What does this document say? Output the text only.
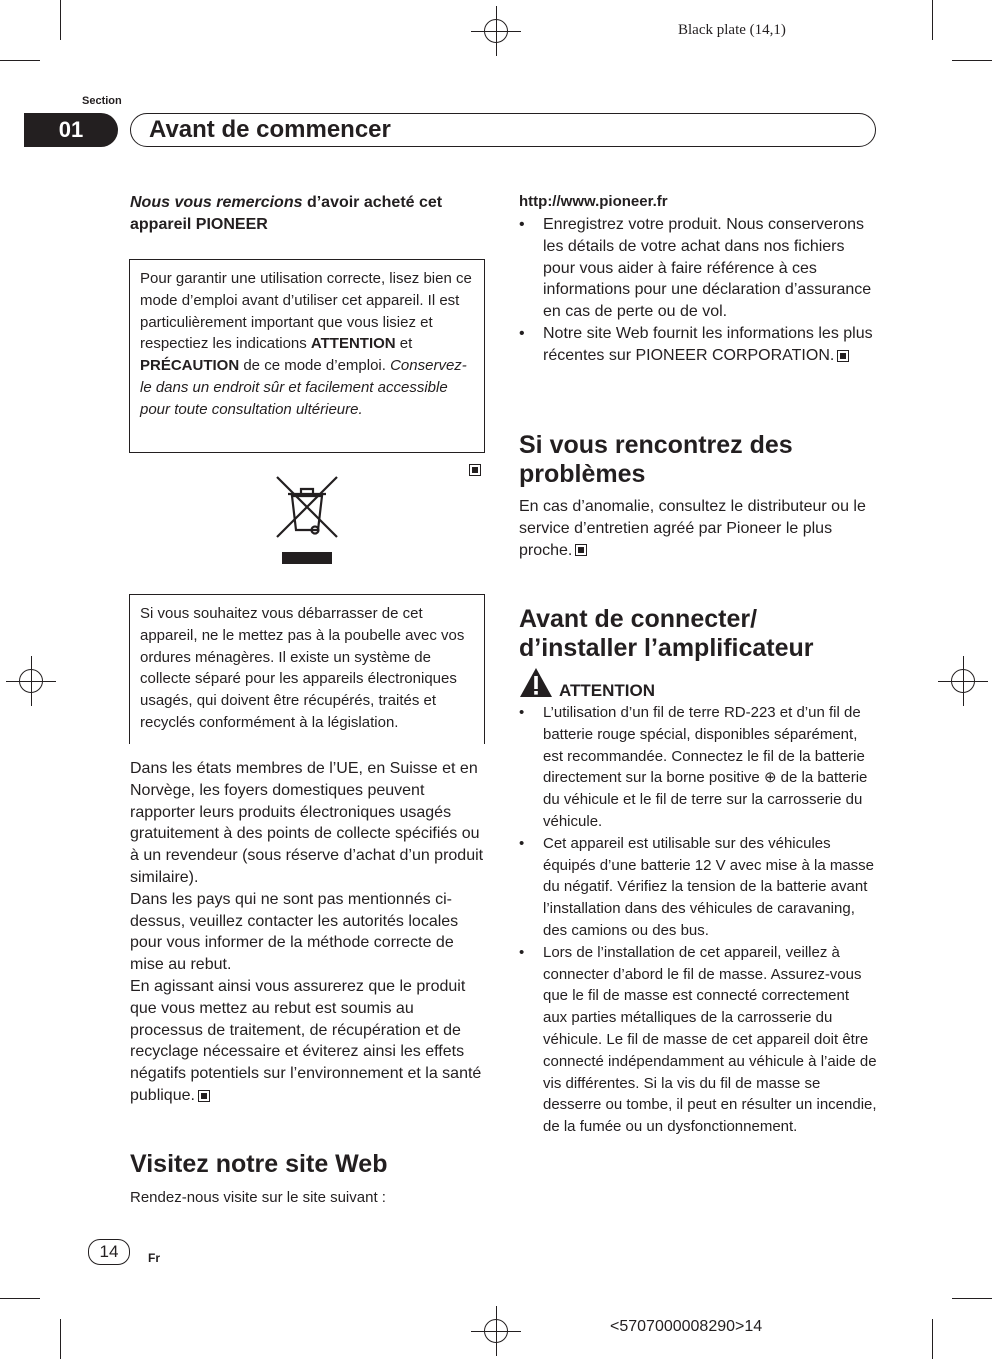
Black plate (14,1)
Section
01	Avant de commencer
Nous vous remercions d’avoir acheté cet
appareil PIONEER
Pour garantir une utilisation correcte, lisez bien ce mode d’emploi avant d’utiliser cet appareil. Il est particulièrement important que vous lisiez et respectiez les indications ATTENTION et PRÉCAUTION de ce mode d’emploi. Conservez-le dans un endroit sûr et facilement accessible pour toute consultation ultérieure.
Si vous souhaitez vous débarrasser de cet appareil, ne le mettez pas à la poubelle avec vos ordures ménagères. Il existe un système de collecte séparé pour les appareils électroniques usagés, qui doivent être récupérés, traités et recyclés conformément à la législation.
Dans les états membres de l’UE, en Suisse et en Norvège, les foyers domestiques peuvent rapporter leurs produits électroniques usagés gratuitement à des points de collecte spécifiés ou à un revendeur (sous réserve d’achat d’un produit similaire).
Dans les pays qui ne sont pas mentionnés ci-dessus, veuillez contacter les autorités locales pour vous informer de la méthode correcte de mise au rebut.
En agissant ainsi vous assurerez que le produit que vous mettez au rebut est soumis au processus de traitement, de récupération et de recyclage nécessaire et éviterez ainsi les effets négatifs potentiels sur l’environnement et la santé publique.
Visitez notre site Web
Rendez-nous visite sur le site suivant :
http://www.pioneer.fr
• Enregistrez votre produit. Nous conserverons les détails de votre achat dans nos fichiers pour vous aider à faire référence à ces informations pour une déclaration d’assurance en cas de perte ou de vol.
• Notre site Web fournit les informations les plus récentes sur PIONEER CORPORATION.
Si vous rencontrez des problèmes
En cas d’anomalie, consultez le distributeur ou le service d’entretien agréé par Pioneer le plus proche.
Avant de connecter/ d’installer l’amplificateur
ATTENTION
• L’utilisation d’un fil de terre RD-223 et d’un fil de batterie rouge spécial, disponibles séparément, est recommandée. Connectez le fil de la batterie directement sur la borne positive ⊕ de la batterie du véhicule et le fil de terre sur la carrosserie du véhicule.
• Cet appareil est utilisable sur des véhicules équipés d’une batterie 12 V avec mise à la masse du négatif. Vérifiez la tension de la batterie avant l’installation dans des véhicules de caravaning, des camions ou des bus.
• Lors de l’installation de cet appareil, veillez à connecter d’abord le fil de masse. Assurez-vous que le fil de masse est connecté correctement aux parties métalliques de la carrosserie du véhicule. Le fil de masse de cet appareil doit être connecté indépendamment au véhicule à l’aide de vis différentes. Si la vis du fil de masse se desserre ou tombe, il peut en résulter un incendie, de la fumée ou un dysfonctionnement.
14	Fr
<5707000008290>14
